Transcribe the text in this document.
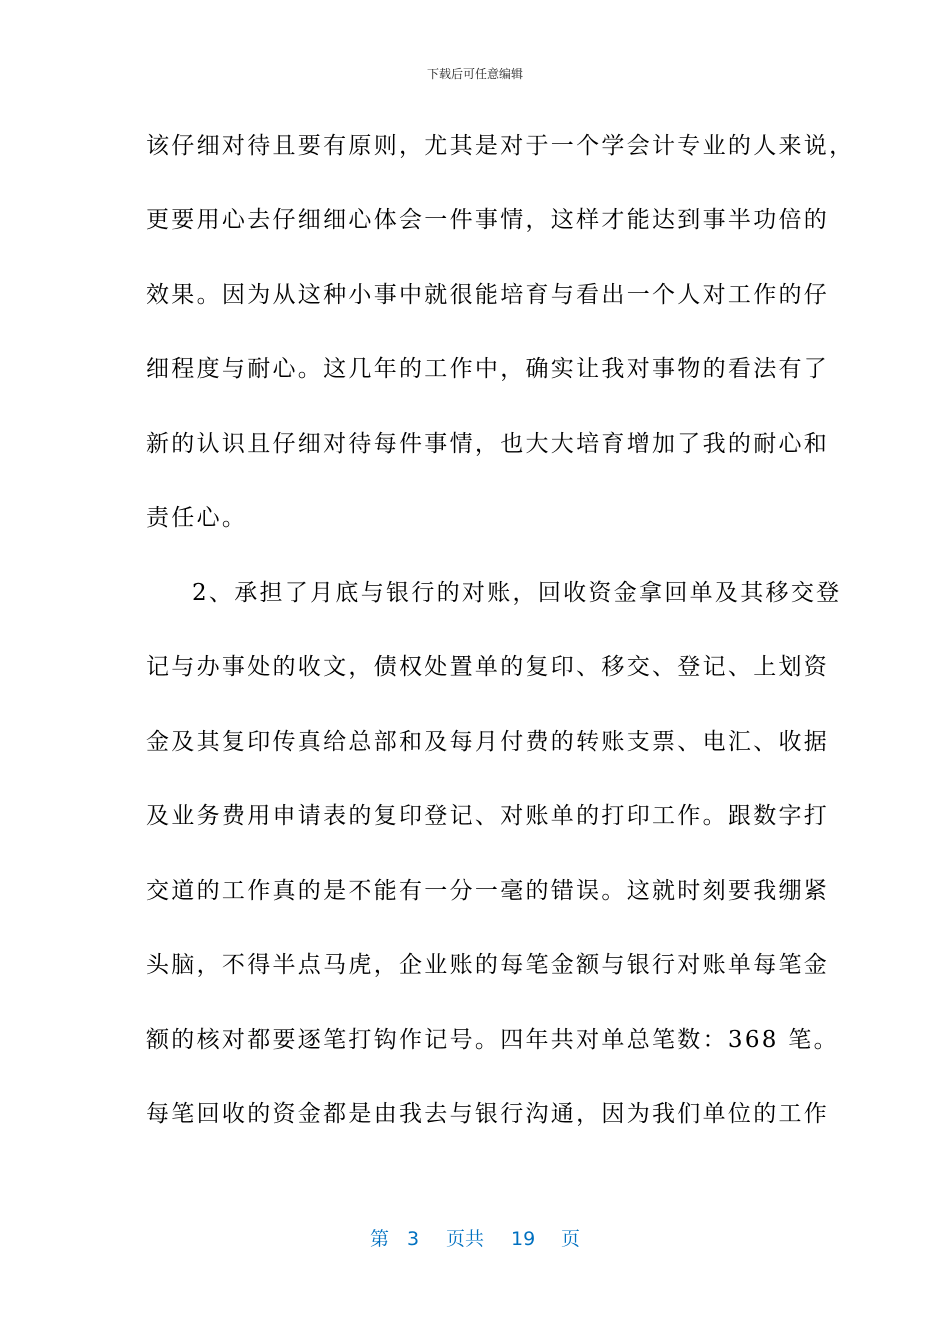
下载后可任意编辑
该仔细对待且要有原则，尤其是对于一个学会计专业的人来说，
更要用心去仔细细心体会一件事情，这样才能达到事半功倍的
效果。因为从这种小事中就很能培育与看出一个人对工作的仔
细程度与耐心。这几年的工作中，确实让我对事物的看法有了
新的认识且仔细对待每件事情，也大大培育增加了我的耐心和
责任心。
2、承担了月底与银行的对账，回收资金拿回单及其移交登
记与办事处的收文，债权处置单的复印、移交、登记、上划资
金及其复印传真给总部和及每月付费的转账支票、电汇、收据
及业务费用申请表的复印登记、对账单的打印工作。跟数字打
交道的工作真的是不能有一分一毫的错误。这就时刻要我绷紧
头脑，不得半点马虎，企业账的每笔金额与银行对账单每笔金
额的核对都要逐笔打钩作记号。四年共对单总笔数：368 笔。
每笔回收的资金都是由我去与银行沟通，因为我们单位的工作
第 3 页共 19 页
